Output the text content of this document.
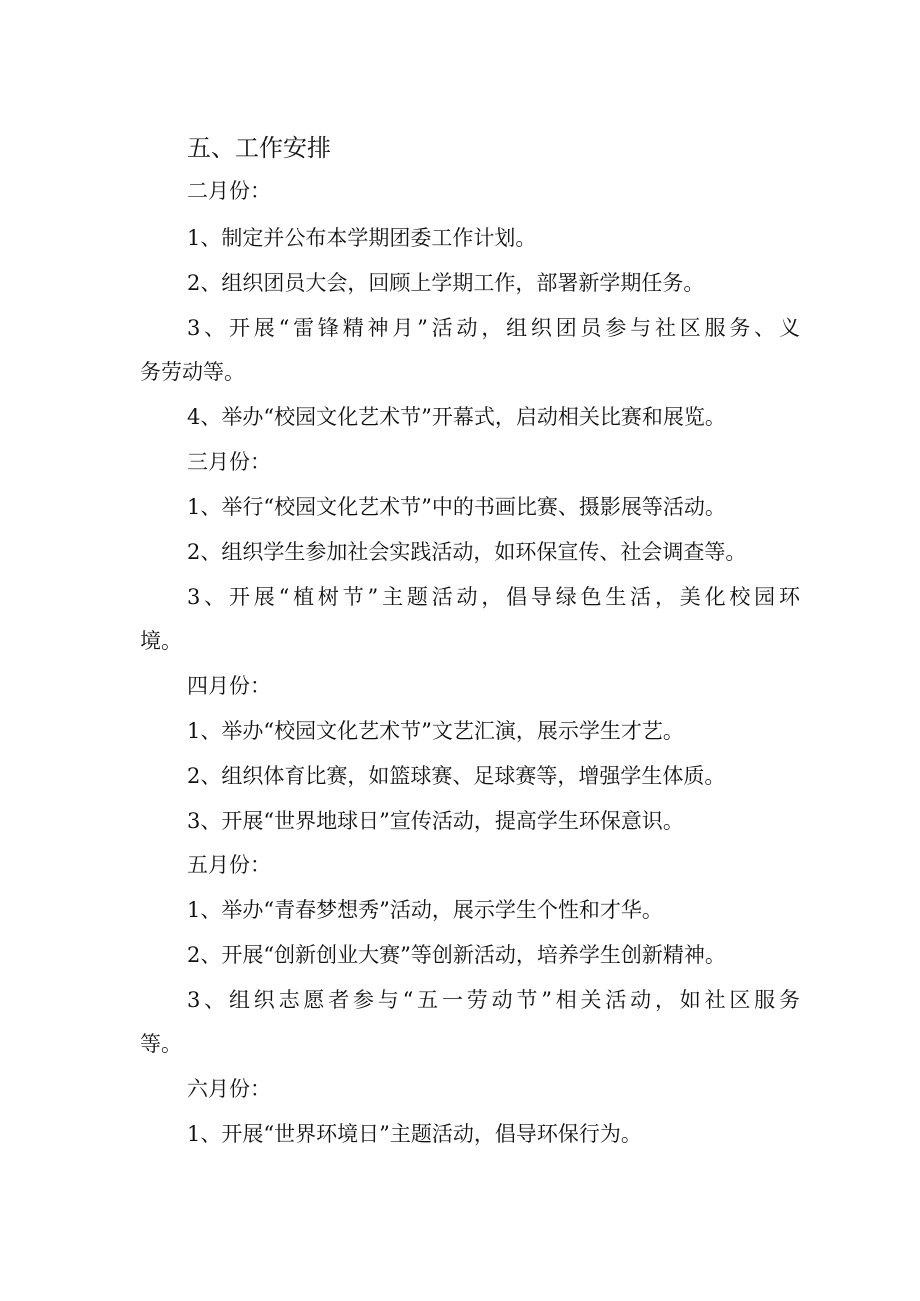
五、工作安排
二月份：
1、制定并公布本学期团委工作计划。
2、组织团员大会，回顾上学期工作，部署新学期任务。
3、开展“雷锋精神月”活动，组织团员参与社区服务、义
务劳动等。
4、举办“校园文化艺术节”开幕式，启动相关比赛和展览。
三月份：
1、举行“校园文化艺术节”中的书画比赛、摄影展等活动。
2、组织学生参加社会实践活动，如环保宣传、社会调查等。
3、开展“植树节”主题活动，倡导绿色生活，美化校园环
境。
四月份：
1、举办“校园文化艺术节”文艺汇演，展示学生才艺。
2、组织体育比赛，如篮球赛、足球赛等，增强学生体质。
3、开展“世界地球日”宣传活动，提高学生环保意识。
五月份：
1、举办“青春梦想秀”活动，展示学生个性和才华。
2、开展“创新创业大赛”等创新活动，培养学生创新精神。
3、组织志愿者参与“五一劳动节”相关活动，如社区服务
等。
六月份：
1、开展“世界环境日”主题活动，倡导环保行为。
